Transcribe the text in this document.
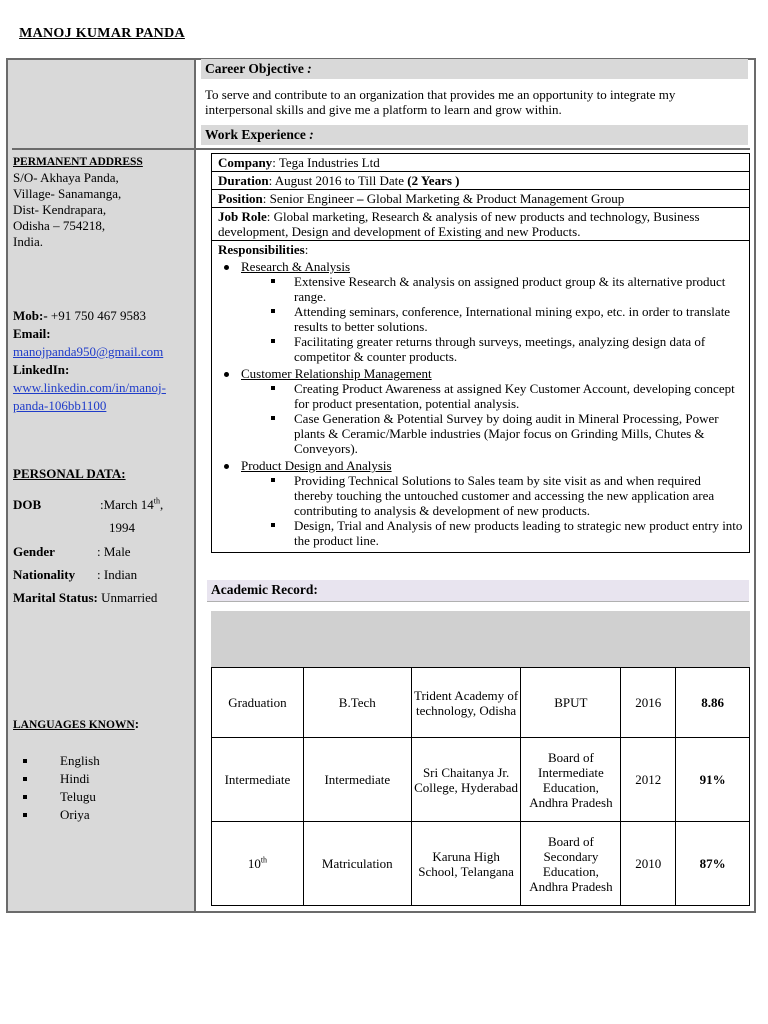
MANOJ KUMAR PANDA
PERMANENT ADDRESS
S/O- Akhaya Panda,
Village- Sanamanga,
Dist- Kendrapara,
Odisha – 754218,
India.
Mob:- +91 750 467 9583
Email:
manojpanda950@gmail.com
LinkedIn:
www.linkedin.com/in/manoj-
panda-106bb1100
PERSONAL DATA:
DOB	:March 14th,
1994
Gender	: Male
Nationality : Indian
Marital Status: Unmarried
LANGUAGES KNOWN:
English
Hindi
Telugu
Oriya
Career Objective :
To serve and contribute to an organization that provides me an opportunity to integrate my interpersonal skills and give me a platform to learn and grow within.
Work Experience :
Company: Tega Industries Ltd
Duration: August 2016 to Till Date (2 Years )
Position: Senior Engineer – Global Marketing & Product Management Group
Job Role: Global marketing, Research & analysis of new products and technology, Business development, Design and development of Existing and new Products.
Responsibilities:
Research & Analysis
Extensive Research & analysis on assigned product group & its alternative product range.
Attending seminars, conference, International mining expo, etc. in order to translate results to better solutions.
Facilitating greater returns through surveys, meetings, analyzing design data of competitor & counter products.
Customer Relationship Management
Creating Product Awareness at assigned Key Customer Account, developing concept for product presentation, potential analysis.
Case Generation & Potential Survey by doing audit in Mineral Processing, Power plants & Ceramic/Marble industries (Major focus on Grinding Mills, Chutes & Conveyors).
Product Design and Analysis
Providing Technical Solutions to Sales team by site visit as and when required thereby touching the untouched customer and accessing the new application area contributing to analysis & development of new products.
Design, Trial and Analysis of new products leading to strategic new product entry into the product line.
Academic Record:
Graduation	B.Tech	Trident Academy of technology, Odisha	BPUT	2016	8.86
Intermediate	Intermediate	Sri Chaitanya Jr. College, Hyderabad	Board of Intermediate Education, Andhra Pradesh	2012	91%
10th	Matriculation	Karuna High School, Telangana	Board of Secondary Education, Andhra Pradesh	2010	87%
